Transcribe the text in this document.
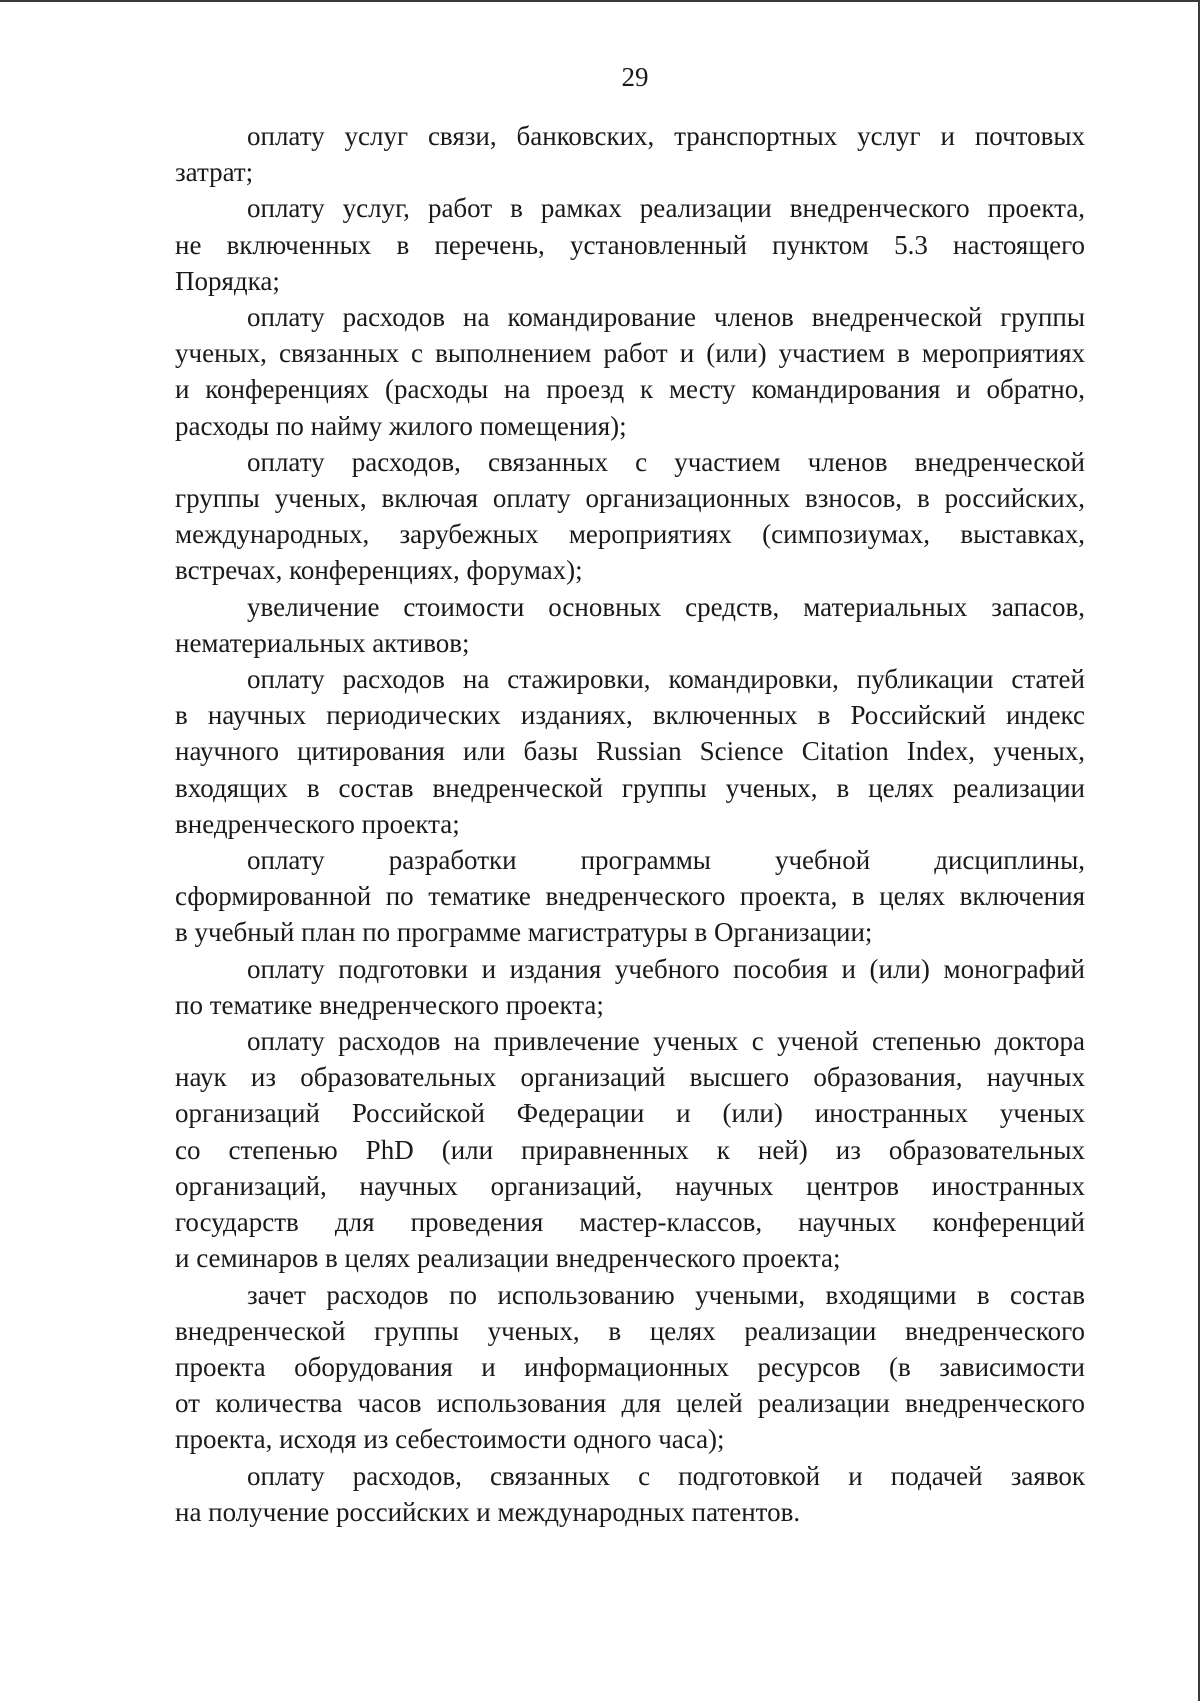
29

оплату услуг связи, банковских, транспортных услуг и почтовых
затрат;

оплату услуг, работ в рамках реализации внедренческого проекта,
не включенных в перечень, установленный пунктом 5.3 настоящего
Порядка;

оплату расходов на командирование членов внедренческой группы
ученых, связанных с выполнением работ и (или) участием в мероприятиях
и конференциях (расходы на проезд к месту командирования и обратно,
расходы по найму жилого помещения);

оплату расходов, связанных с участием членов внедренческой
группы ученых, включая оплату организационных взносов, в российских,
международных, зарубежных мероприятиях (симпозиумах, выставках,
встречах, конференциях, форумах);

увеличение стоимости основных средств, материальных запасов,
нематериальных активов;

оплату расходов на стажировки, командировки, публикации статей
в научных периодических изданиях, включенных в Российский индекс
научного цитирования или базы Russian Science Citation Index, ученых,
входящих в состав внедренческой группы ученых, в целях реализации
внедренческого проекта;

оплату разработки программы учебной дисциплины,
сформированной по тематике внедренческого проекта, в целях включения
в учебный план по программе магистратуры в Организации;

оплату подготовки и издания учебного пособия и (или) монографий
по тематике внедренческого проекта;

оплату расходов на привлечение ученых с ученой степенью доктора
наук из образовательных организаций высшего образования, научных
организаций Российской Федерации и (или) иностранных ученых
со степенью PhD (или приравненных к ней) из образовательных
организаций, научных организаций, научных центров иностранных
государств для проведения мастер-классов, научных конференций
и семинаров в целях реализации внедренческого проекта;

зачет расходов по использованию учеными, входящими в состав
внедренческой группы ученых, в целях реализации внедренческого
проекта оборудования и информационных ресурсов (в зависимости
от количества часов использования для целей реализации внедренческого
проекта, исходя из себестоимости одного часа);

оплату расходов, связанных с подготовкой и подачей заявок
на получение российских и международных патентов.
